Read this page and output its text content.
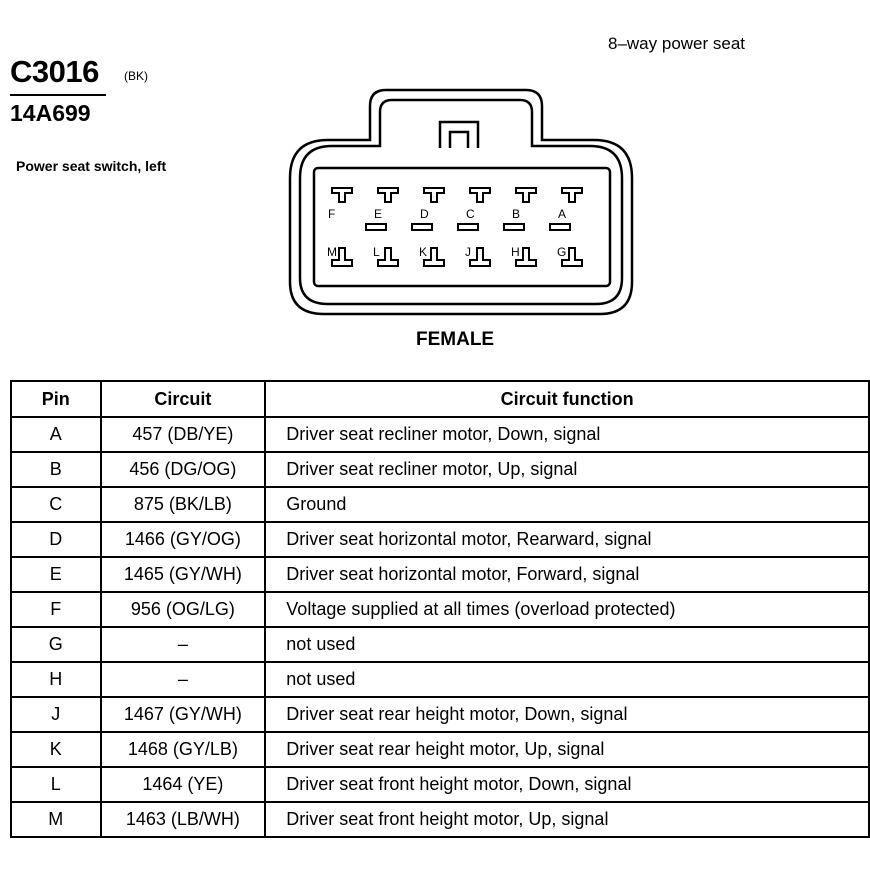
C3016 (BK)
14A699
Power seat switch, left
8–way power seat
F	E	D	C	B	A
M	L	K	J	H	G
FEMALE
Pin	Circuit	Circuit function
A	457 (DB/YE)	Driver seat recliner motor, Down, signal
B	456 (DG/OG)	Driver seat recliner motor, Up, signal
C	875 (BK/LB)	Ground
D	1466 (GY/OG)	Driver seat horizontal motor, Rearward, signal
E	1465 (GY/WH)	Driver seat horizontal motor, Forward, signal
F	956 (OG/LG)	Voltage supplied at all times (overload protected)
G	–	not used
H	–	not used
J	1467 (GY/WH)	Driver seat rear height motor, Down, signal
K	1468 (GY/LB)	Driver seat rear height motor, Up, signal
L	1464 (YE)	Driver seat front height motor, Down, signal
M	1463 (LB/WH)	Driver seat front height motor, Up, signal
